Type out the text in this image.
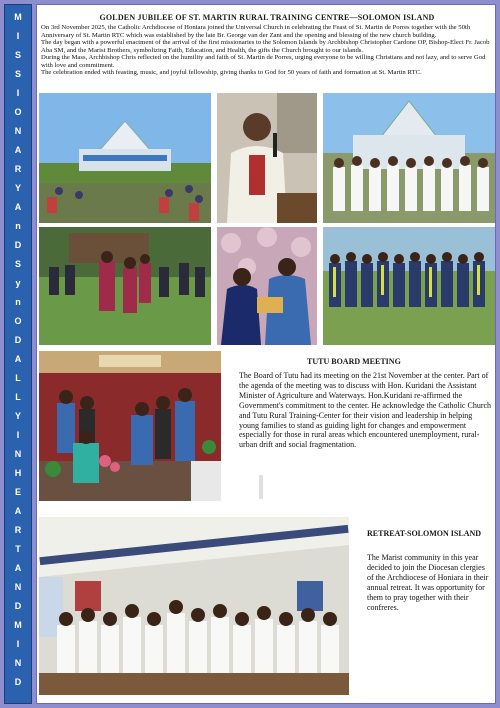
M
I
S
S
I
O
N
A
R
Y
A
n
D
S
y
n
O
D
A
L
L
Y
I
N
H
E
A
R
T
A
N
D
M
I
N
D
GOLDEN JUBILEE OF ST. MARTIN RURAL TRAINING CENTRE—SOLOMON ISLAND

On 3rd November 2025, the Catholic Archdiocese of Honiara joined the Universal Church in celebrating the Feast of St. Martin de Porres together with the 50th Anniversary of St. Martin RTC which was established by the late Br. George van der Zant and the opening and blessing of the new church building.

The day began with a powerful enactment of the arrival of the first missionaries to the Solomon Islands by Archbishop Christopher Cardone OP, Bishop-Elect Fr. Jacob Aba SM, and the Marist Brothers, symbolizing Faith, Education, and Health, the gifts the Church brought to our islands.

During the Mass, Archbishop Chris reflected on the humility and faith of St. Martin de Porres, urging everyone to be willing Christians and not lazy, and to serve God with love and commitment.

The celebration ended with feasting, music, and joyful fellowship, giving thanks to God for 50 years of faith and formation at St. Martin RTC.

TUTU BOARD MEETING
The Board of Tutu had its meeting on the 21st November at the center. Part of the agenda of the meeting was to discuss with Hon. Kuridani the Assistant Minister of Agriculture and Waterways. Hon.Kuridani re-affirmed the Government's commitment to the center. He acknowledge the Catholic Church and Tutu Rural Training-Center for their vision and leadership in helping young families to stand as guiding light for changes and empowerment especially for those in rural areas which encountered unemployment, rural-urban drift and social fragmentation.
RETREAT-SOLOMON ISLAND
The Marist community in this year decided to join the Diocesan clergies of the Archdiocese of Honiara in their annual retreat. It was opportunity for them to pray together with their confreres.
